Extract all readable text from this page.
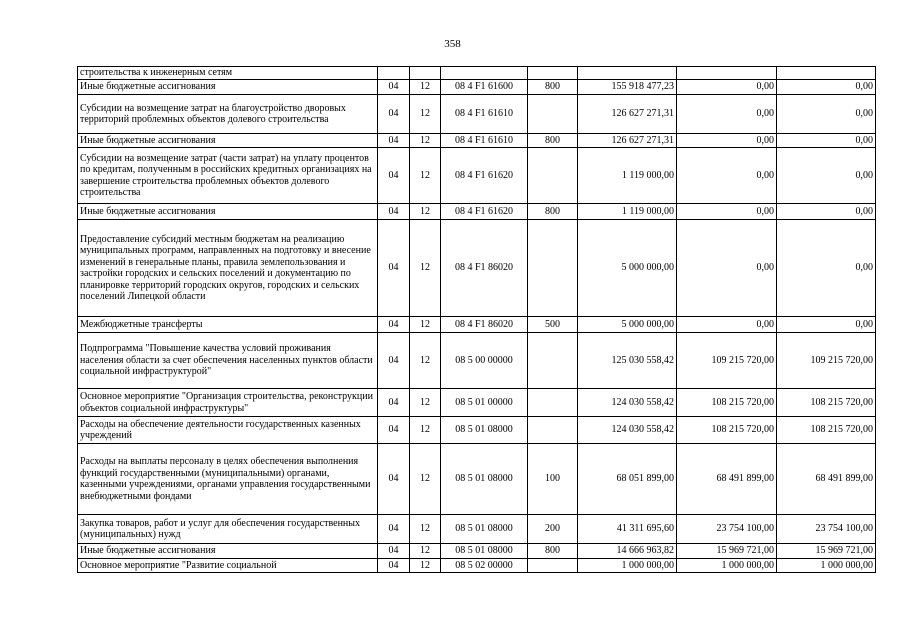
358
строительства к инженерным сетям							
Иные бюджетные ассигнования	04	12	08 4 F1 61600	800	155 918 477,23	0,00	0,00
Субсидии на возмещение затрат на благоустройство дворовых территорий проблемных объектов долевого строительства	04	12	08 4 F1 61610		126 627 271,31	0,00	0,00
Иные бюджетные ассигнования	04	12	08 4 F1 61610	800	126 627 271,31	0,00	0,00
Субсидии на возмещение затрат (части затрат) на уплату процентов по кредитам, полученным в российских кредитных организациях на завершение строительства проблемных объектов долевого строительства	04	12	08 4 F1 61620		1 119 000,00	0,00	0,00
Иные бюджетные ассигнования	04	12	08 4 F1 61620	800	1 119 000,00	0,00	0,00
Предоставление субсидий местным бюджетам на реализацию муниципальных программ, направленных на подготовку и внесение изменений в генеральные планы, правила землепользования и застройки городских и сельских поселений и документацию по планировке территорий городских округов, городских и сельских поселений Липецкой области	04	12	08 4 F1 86020		5 000 000,00	0,00	0,00
Межбюджетные трансферты	04	12	08 4 F1 86020	500	5 000 000,00	0,00	0,00
Подпрограмма "Повышение качества условий проживания населения области за счет обеспечения населенных пунктов области социальной инфраструктурой"	04	12	08 5 00 00000		125 030 558,42	109 215 720,00	109 215 720,00
Основное мероприятие "Организация строительства, реконструкции объектов социальной инфраструктуры"	04	12	08 5 01 00000		124 030 558,42	108 215 720,00	108 215 720,00
Расходы на обеспечение деятельности государственных казенных учреждений	04	12	08 5 01 08000		124 030 558,42	108 215 720,00	108 215 720,00
Расходы на выплаты персоналу в целях обеспечения выполнения функций государственными (муниципальными) органами, казенными учреждениями, органами управления государственными внебюджетными фондами	04	12	08 5 01 08000	100	68 051 899,00	68 491 899,00	68 491 899,00
Закупка товаров, работ и услуг для обеспечения государственных (муниципальных) нужд	04	12	08 5 01 08000	200	41 311 695,60	23 754 100,00	23 754 100,00
Иные бюджетные ассигнования	04	12	08 5 01 08000	800	14 666 963,82	15 969 721,00	15 969 721,00
Основное мероприятие "Развитие социальной	04	12	08 5 02 00000		1 000 000,00	1 000 000,00	1 000 000,00
